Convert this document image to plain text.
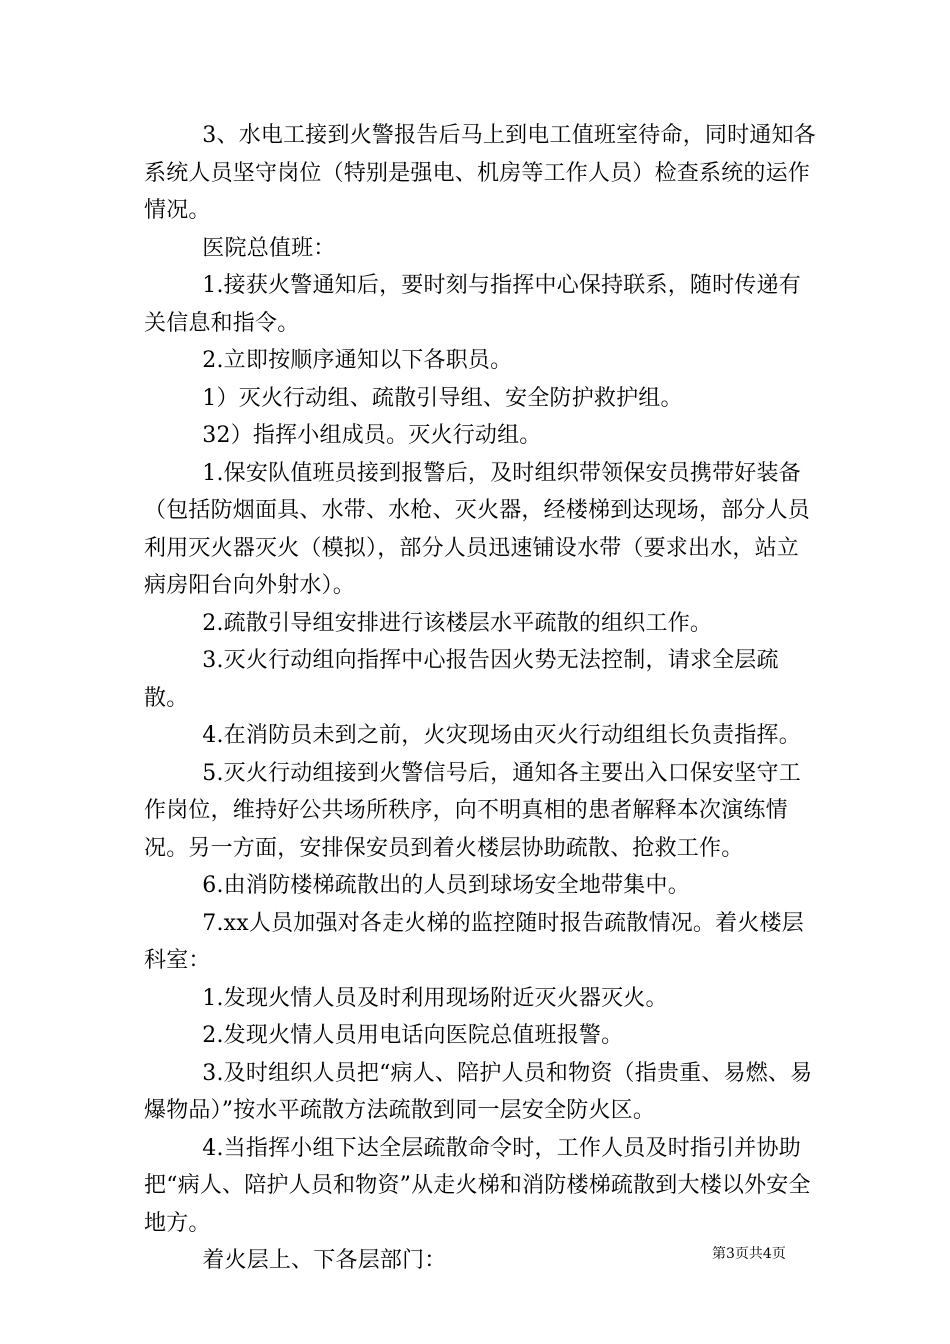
3、水电工接到火警报告后马上到电工值班室待命，同时通知各系统人员坚守岗位（特别是强电、机房等工作人员）检查系统的运作情况。

医院总值班：

1.接获火警通知后，要时刻与指挥中心保持联系，随时传递有关信息和指令。

2.立即按顺序通知以下各职员。

1）灭火行动组、疏散引导组、安全防护救护组。

32）指挥小组成员。灭火行动组。

1.保安队值班员接到报警后，及时组织带领保安员携带好装备（包括防烟面具、水带、水枪、灭火器，经楼梯到达现场，部分人员利用灭火器灭火（模拟），部分人员迅速铺设水带（要求出水，站立病房阳台向外射水）。

2.疏散引导组安排进行该楼层水平疏散的组织工作。

3.灭火行动组向指挥中心报告因火势无法控制，请求全层疏散。

4.在消防员未到之前，火灾现场由灭火行动组组长负责指挥。

5.灭火行动组接到火警信号后，通知各主要出入口保安坚守工作岗位，维持好公共场所秩序，向不明真相的患者解释本次演练情况。另一方面，安排保安员到着火楼层协助疏散、抢救工作。

6.由消防楼梯疏散出的人员到球场安全地带集中。

7.xx人员加强对各走火梯的监控随时报告疏散情况。着火楼层科室：

1.发现火情人员及时利用现场附近灭火器灭火。

2.发现火情人员用电话向医院总值班报警。

3.及时组织人员把“病人、陪护人员和物资（指贵重、易燃、易爆物品）”按水平疏散方法疏散到同一层安全防火区。

4.当指挥小组下达全层疏散命令时，工作人员及时指引并协助把“病人、陪护人员和物资”从走火梯和消防楼梯疏散到大楼以外安全地方。

着火层上、下各层部门：	第3页共4页
